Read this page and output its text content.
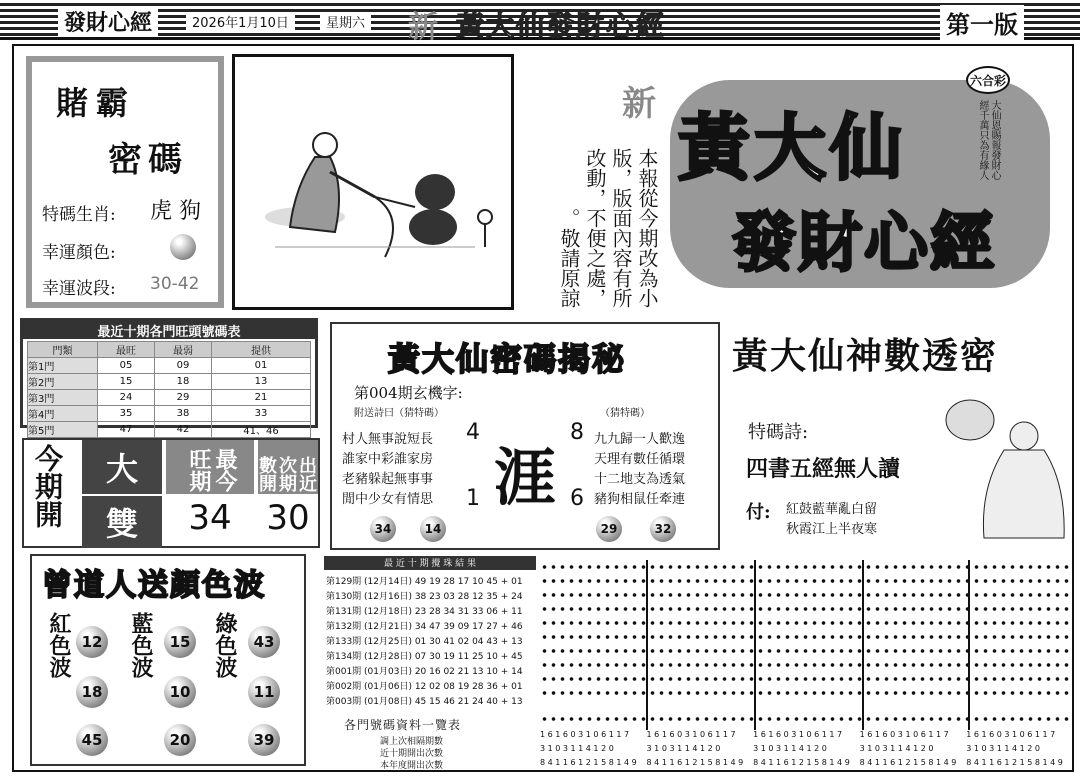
發財心經	2026年1月10日	星期六 新 黃大仙發財心經	第一版
賭霸
密碼
特碼生肖: 虎 狗
幸運顏色:
幸運波段: 30-42
新
本報從今期改為小版，版面內容有所改動，不便之處，敬請原諒。
六合彩
黃大仙
發財心經
大仙恩賜報發財心經千萬只為有緣人
最近十期各門旺頭號碼表
門類	最旺	最弱	提供
第1門	05	09	01
第2門	15	18	13
第3門	24	29	21
第4門	35	38	33
第5門	47	42	41、46
今期開	大
雙
最今旺期
34
出近次期數開
30
曾道人送顏色波
紅色波 12
18
45
藍色波	15
10
20
綠色波	43
11
39
黃大仙密碼揭秘
第004期玄機字:
附送詩曰（猜特碼）	（猜特碼）
村人無事說短長
誰家中彩誰家房
老豬躲起無事事
閒中少女有情思
4	8
1	6
涯
九九歸一人歡逸
天理有數任循環
十二地支為透氣
豬狗相鼠任牽連
34	14	29	32
黃大仙神數透密
特碼詩:
四書五經無人讀
付: 紅鼓藍華亂白留
秋霞江上半夜寒
最 近 十 期 攪 珠 結 果
第129期 (12月14日) 49 19 28 17 10 45 + 01
第130期 (12月16日) 38 23 03 28 12 35 + 24
第131期 (12月18日) 23 28 34 31 33 06 + 11
第132期 (12月21日) 34 47 39 09 17 27 + 46
第133期 (12月25日) 01 30 41 02 04 43 + 13
第134期 (12月28日) 07 30 19 11 25 10 + 45
第001期 (01月03日) 20 16 02 21 13 10 + 14
第002期 (01月06日) 12 02 08 19 28 36 + 01
第003期 (01月08日) 45 15 46 21 24 40 + 13
各門號碼資料一覽表
調上次相隔期數
近十期開出次數
本年度開出次數
1 6 1 6 0 3 1 0 6 1 1 7 1 6 1 6 0 3 1 0 6 1 1 7 1 6 1 6 0 3 1 0 6 1 1 7 1 6 1 6 0 3 1 0 6 1 1 7 1 6 1 6 0 3 1 0 6 1 1 7
3 1 0 3 1 1 4 1 2 0	3 1 0 3 1 1 4 1 2 0	3 1 0 3 1 1 4 1 2 0	3 1 0 3 1 1 4 1 2 0	3 1 0 3 1 1 4 1 2 0
8 4 1 1 6 1 2 1 5 8 1 4 9 8 4 1 1 6 1 2 1 5 8 1 4 9 8 4 1 1 6 1 2 1 5 8 1 4 9 8 4 1 1 6 1 2 1 5 8 1 4 9 8 4 1 1 6 1 2 1 5 8 1 4 9
